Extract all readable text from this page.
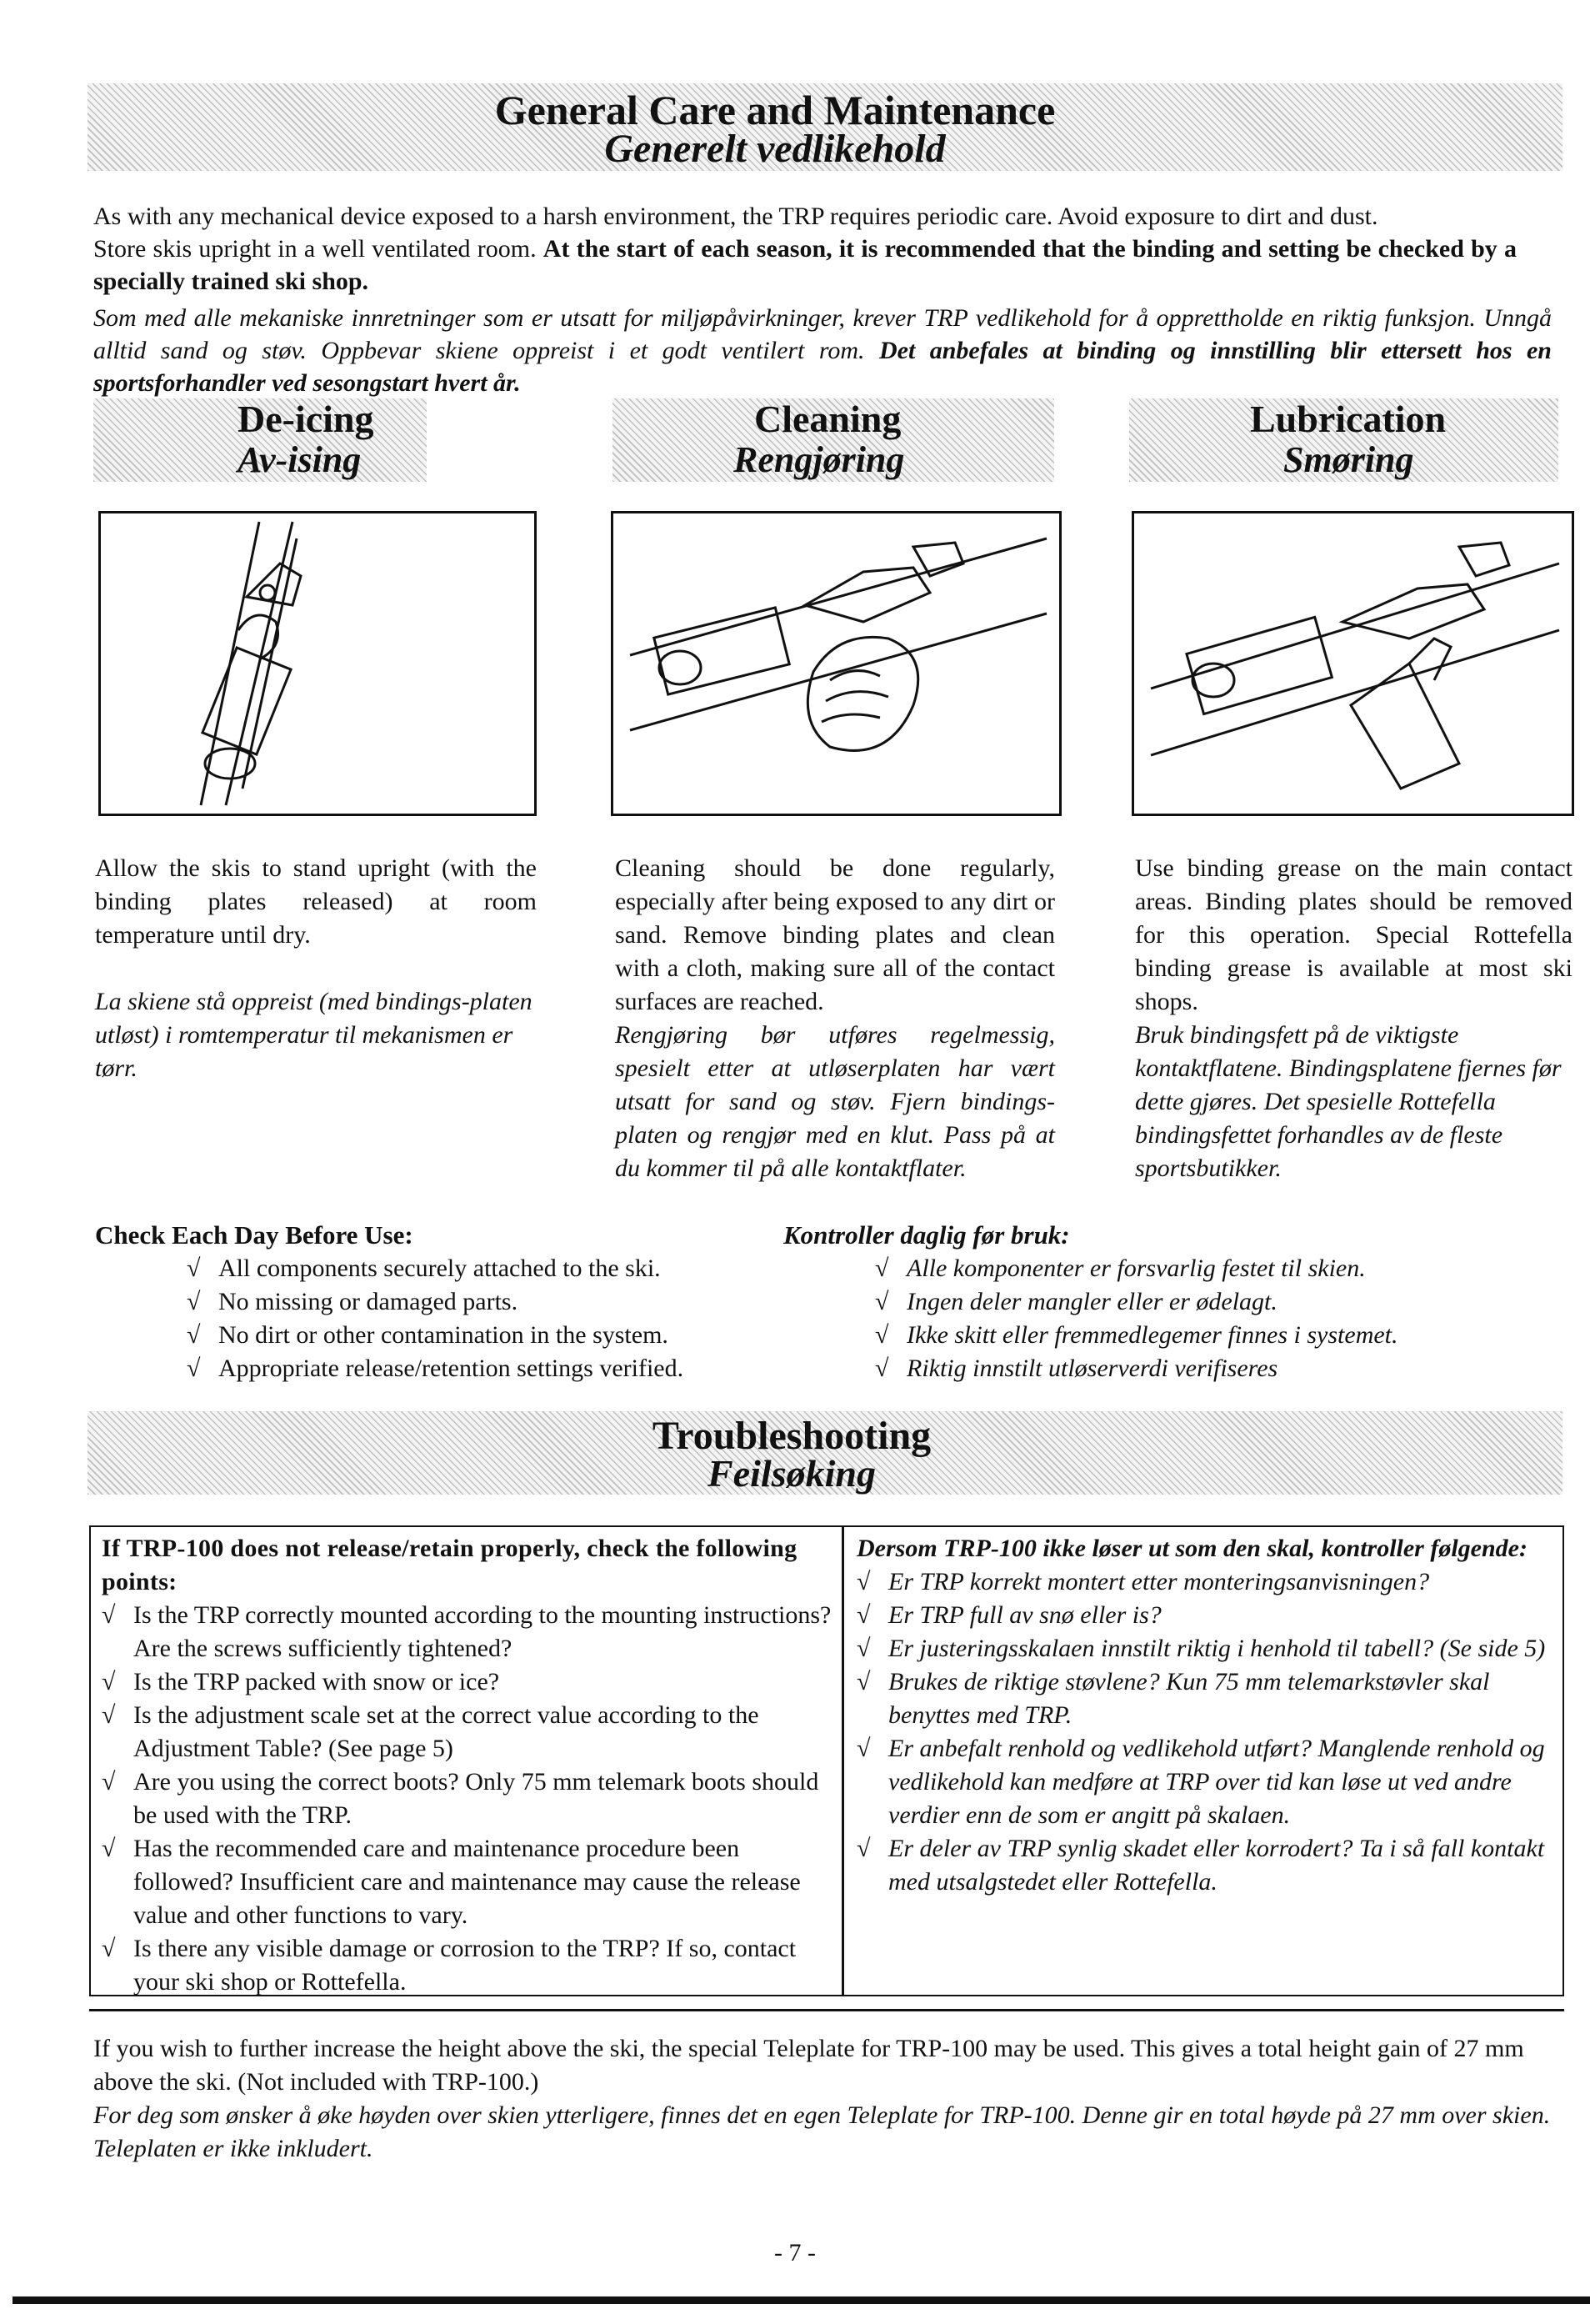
General Care and Maintenance
Generelt vedlikehold
As with any mechanical device exposed to a harsh environment, the TRP requires periodic care. Avoid exposure to dirt and dust.
Store skis upright in a well ventilated room. At the start of each season, it is recommended that the binding and setting be checked by a specially trained ski shop.
Som med alle mekaniske innretninger som er utsatt for miljøpåvirkninger, krever TRP vedlikehold for å opprettholde en riktig funksjon. Unngå alltid sand og støv. Oppbevar skiene oppreist i et godt ventilert rom. Det anbefales at binding og innstilling blir ettersett hos en sportsforhandler ved sesongstart hvert år.
De-icing
Av-ising
Cleaning
Rengjøring
Lubrication
Smøring

Allow the skis to stand upright (with the binding plates released) at room temperature until dry.

La skiene stå oppreist (med bindings-platen utløst) i romtemperatur til mekanismen er tørr.

Cleaning should be done regularly, especially after being exposed to any dirt or sand. Remove binding plates and clean with a cloth, making sure all of the contact surfaces are reached.

Rengjøring bør utføres regelmessig, spesielt etter at utløserplaten har vært utsatt for sand og støv. Fjern bindings-platen og rengjør med en klut. Pass på at du kommer til på alle kontaktflater.

Use binding grease on the main contact areas. Binding plates should be removed for this operation. Special Rottefella binding grease is available at most ski shops.

Bruk bindingsfett på de viktigste kontaktflatene. Bindingsplatene fjernes før dette gjøres. Det spesielle Rottefella bindingsfettet forhandles av de fleste sportsbutikker.

Check Each Day Before Use:
√ All components securely attached to the ski.
√ No missing or damaged parts.
√ No dirt or other contamination in the system.
√ Appropriate release/retention settings verified.
Kontroller daglig før bruk:
√ Alle komponenter er forsvarlig festet til skien.
√ Ingen deler mangler eller er ødelagt.
√ Ikke skitt eller fremmedlegemer finnes i systemet.
√ Riktig innstilt utløserverdi verifiseres
Troubleshooting
Feilsøking
If TRP-100 does not release/retain properly, check the following points:
√ Is the TRP correctly mounted according to the mounting instructions? Are the screws sufficiently tightened?
√ Is the TRP packed with snow or ice?
√ Is the adjustment scale set at the correct value according to the Adjustment Table? (See page 5)
√ Are you using the correct boots? Only 75 mm telemark boots should be used with the TRP.
√ Has the recommended care and maintenance procedure been followed? Insufficient care and maintenance may cause the release value and other functions to vary.
√ Is there any visible damage or corrosion to the TRP? If so, contact your ski shop or Rottefella.
Dersom TRP-100 ikke løser ut som den skal, kontroller følgende:
√ Er TRP korrekt montert etter monteringsanvisningen?
√ Er TRP full av snø eller is?
√ Er justeringsskalaen innstilt riktig i henhold til tabell? (Se side 5)
√ Brukes de riktige støvlene? Kun 75 mm telemarkstøvler skal benyttes med TRP.
√ Er anbefalt renhold og vedlikehold utført? Manglende renhold og vedlikehold kan medføre at TRP over tid kan løse ut ved andre verdier enn de som er angitt på skalaen.
√ Er deler av TRP synlig skadet eller korrodert? Ta i så fall kontakt med utsalgstedet eller Rottefella.
If you wish to further increase the height above the ski, the special Teleplate for TRP-100 may be used. This gives a total height gain of 27 mm above the ski. (Not included with TRP-100.)
For deg som ønsker å øke høyden over skien ytterligere, finnes det en egen Teleplate for TRP-100. Denne gir en total høyde på 27 mm over skien. Teleplaten er ikke inkludert.
- 7 -
